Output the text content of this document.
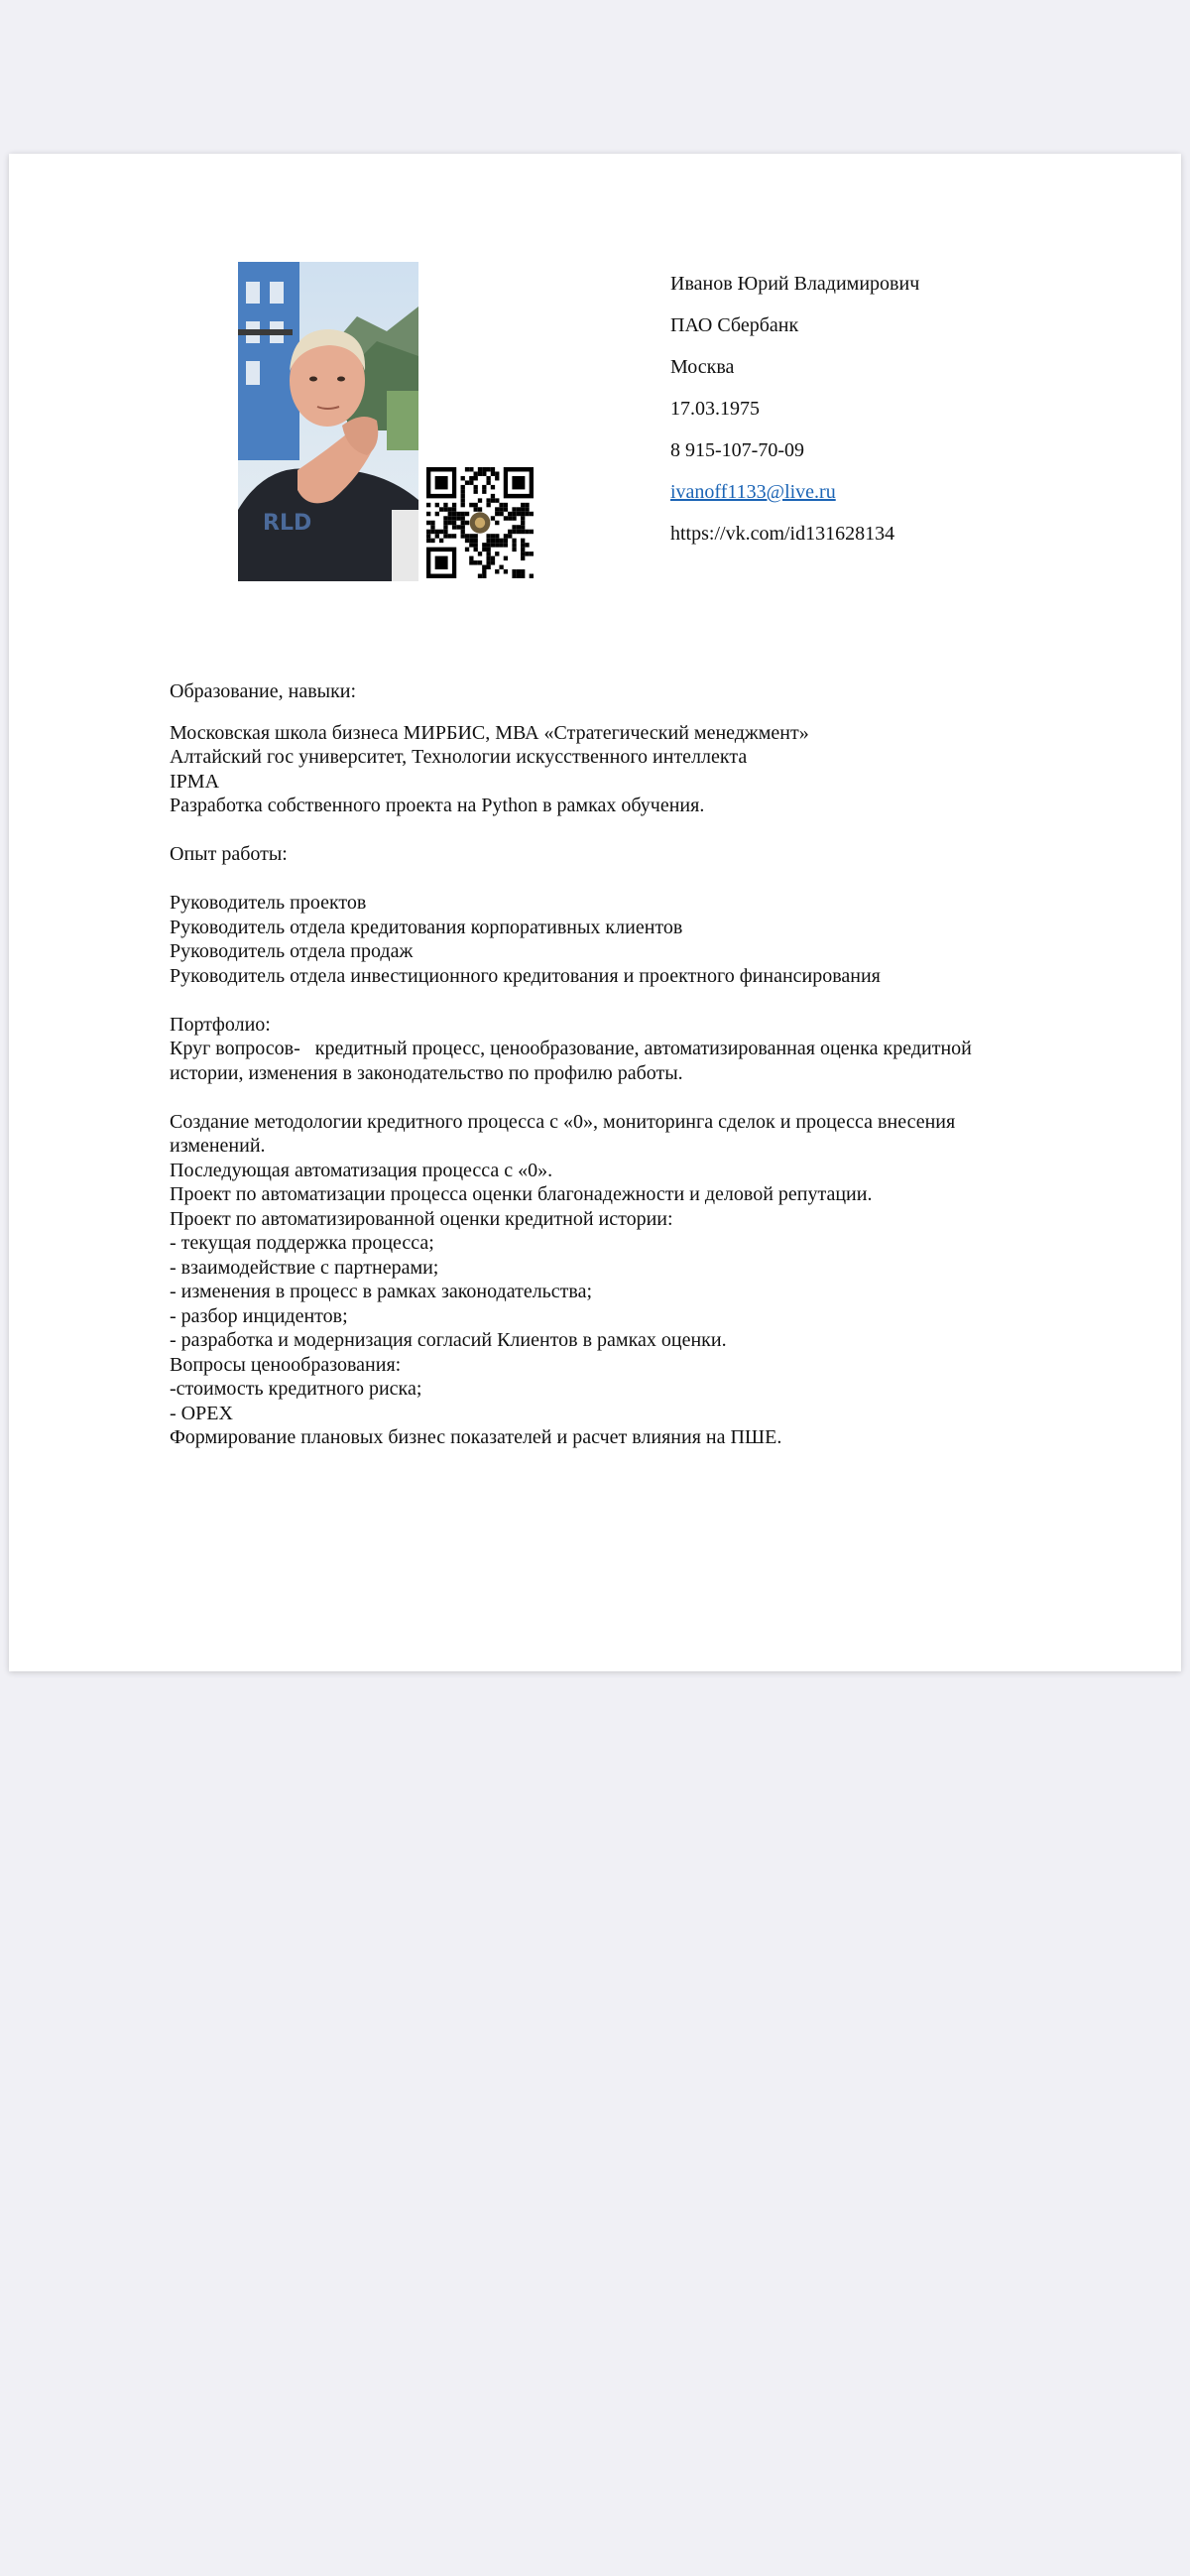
RLD
Иванов Юрий Владимирович
ПАО Сбербанк
Москва
17.03.1975
8 915-107-70-09
ivanoff1133@live.ru
https://vk.com/id131628134
Образование, навыки:
Московская школа бизнеса МИРБИС, МВА «Стратегический менеджмент»
Алтайский гос университет, Технологии искусственного интеллекта
IPMA
Разработка собственного проекта на Python в рамках обучения.
Опыт работы:
Руководитель проектов
Руководитель отдела кредитования корпоративных клиентов
Руководитель отдела продаж
Руководитель отдела инвестиционного кредитования и проектного финансирования
Портфолио:
Круг вопросов-   кредитный процесс, ценообразование, автоматизированная оценка кредитной
истории, изменения в законодательство по профилю работы.
Создание методологии кредитного процесса с «0», мониторинга сделок и процесса внесения
изменений.
Последующая автоматизация процесса с «0».
Проект по автоматизации процесса оценки благонадежности и деловой репутации.
Проект по автоматизированной оценки кредитной истории:
- текущая поддержка процесса;
- взаимодействие с партнерами;
- изменения в процесс в рамках законодательства;
- разбор инцидентов;
- разработка и модернизация согласий Клиентов в рамках оценки.
Вопросы ценообразования:
-стоимость кредитного риска;
- OPEX
Формирование плановых бизнес показателей и расчет влияния на ПШЕ.
